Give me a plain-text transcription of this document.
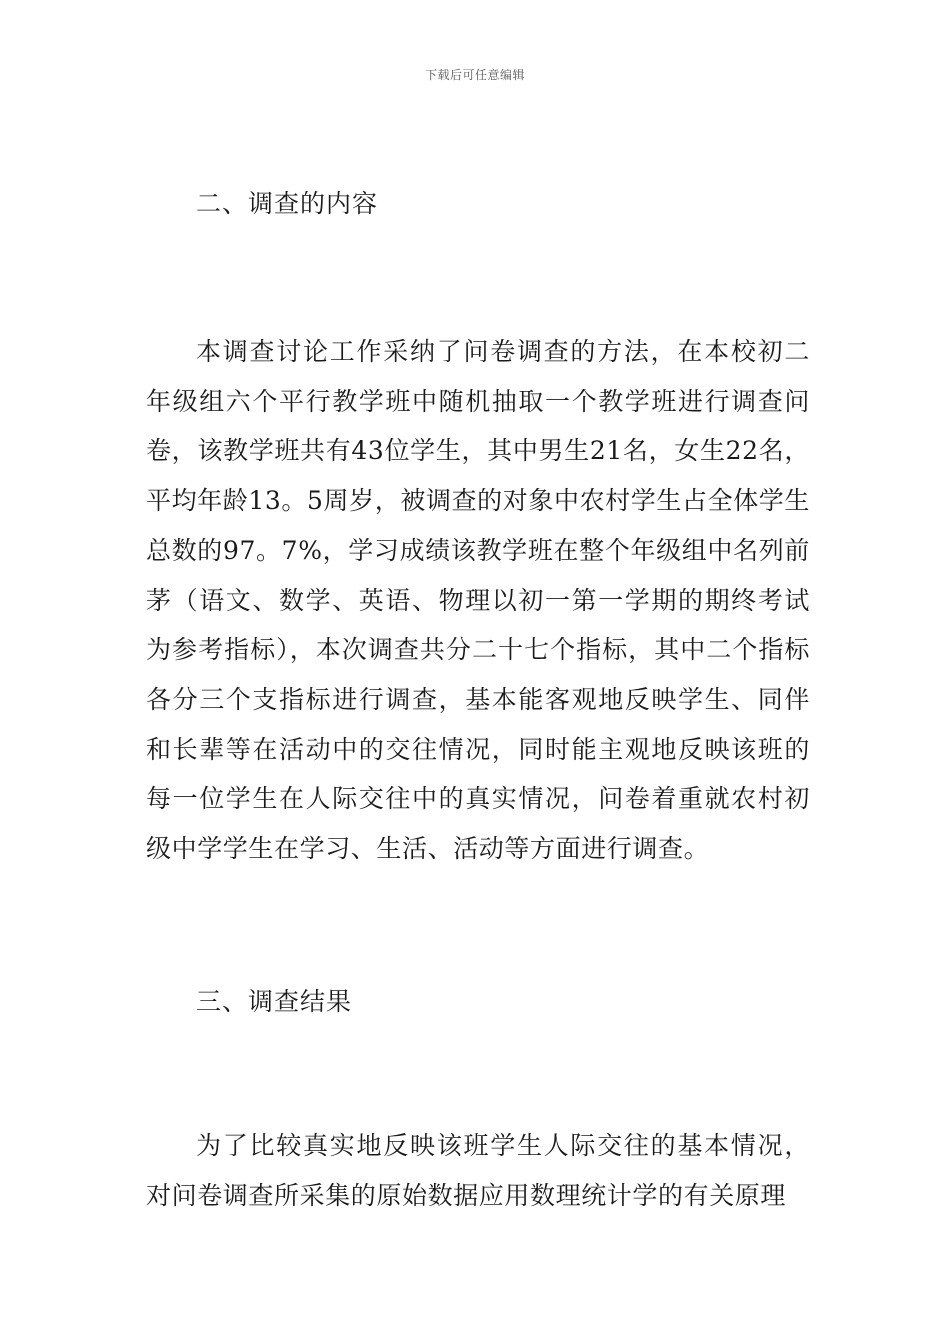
下载后可任意编辑
二、调查的内容

本调查讨论工作采纳了问卷调查的方法，在本校初二年级组六个平行教学班中随机抽取一个教学班进行调查问卷，该教学班共有43位学生，其中男生21名，女生22名，平均年龄13。5周岁，被调查的对象中农村学生占全体学生总数的97。7%，学习成绩该教学班在整个年级组中名列前茅（语文、数学、英语、物理以初一第一学期的期终考试为参考指标），本次调查共分二十七个指标，其中二个指标各分三个支指标进行调查，基本能客观地反映学生、同伴和长辈等在活动中的交往情况，同时能主观地反映该班的每一位学生在人际交往中的真实情况，问卷着重就农村初级中学学生在学习、生活、活动等方面进行调查。

三、调查结果

为了比较真实地反映该班学生人际交往的基本情况，对问卷调查所采集的原始数据应用数理统计学的有关原理
